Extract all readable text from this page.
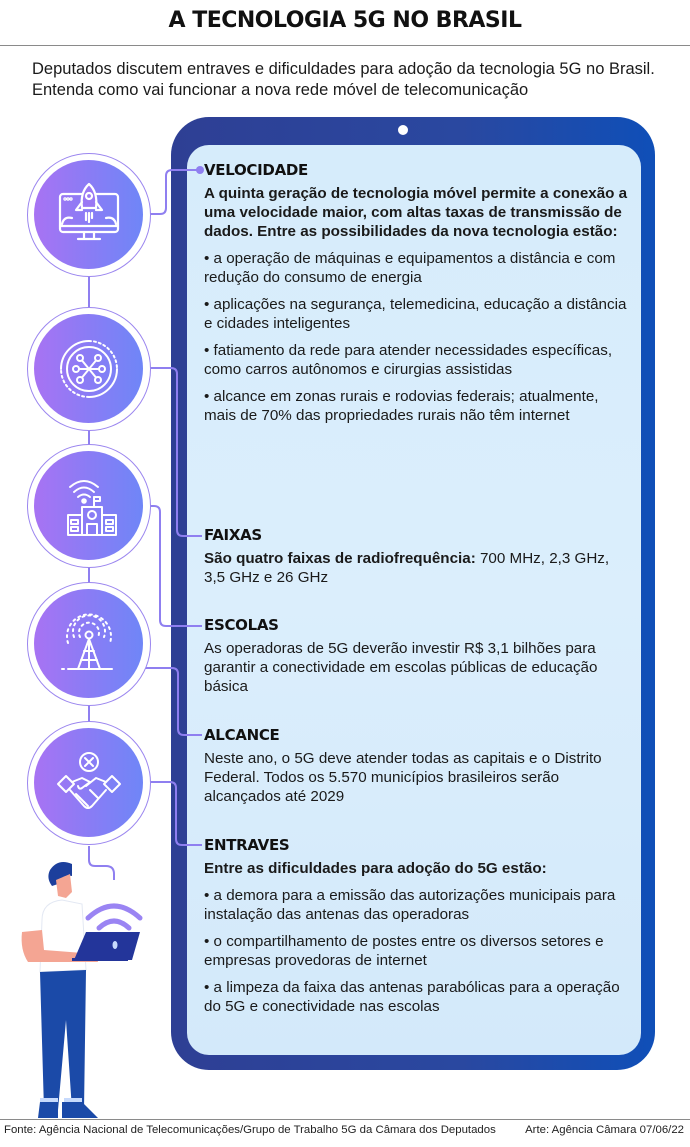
A TECNOLOGIA 5G NO BRASIL
Deputados discutem entraves e dificuldades para adoção da tecnologia 5G no Brasil. Entenda como vai funcionar a nova rede móvel de telecomunicação
VELOCIDADE
A quinta geração de tecnologia móvel permite a conexão a uma velocidade maior, com altas taxas de transmissão de dados. Entre as possibilidades da nova tecnologia estão:
• a operação de máquinas e equipamentos a distância e com redução do consumo de energia
• aplicações na segurança, telemedicina, educação a distância e cidades inteligentes
• fatiamento da rede para atender necessidades específicas, como carros autônomos e cirurgias assistidas
• alcance em zonas rurais e rodovias federais; atualmente, mais de 70% das propriedades rurais não têm internet
FAIXAS
São quatro faixas de radiofrequência: 700 MHz, 2,3 GHz, 3,5 GHz e 26 GHz
ESCOLAS
As operadoras de 5G deverão investir R$ 3,1 bilhões para garantir a conectividade em escolas públicas de educação básica
ALCANCE
Neste ano, o 5G deve atender todas as capitais e o Distrito Federal. Todos os 5.570 municípios brasileiros serão alcançados até 2029
ENTRAVES
Entre as dificuldades para adoção do 5G estão:
• a demora para a emissão das autorizações municipais para instalação das antenas das operadoras
• o compartilhamento de postes entre os diversos setores e empresas provedoras de internet
• a limpeza da faixa das antenas parabólicas para a operação do 5G e conectividade nas escolas
Fonte: Agência Nacional de Telecomunicações/Grupo de Trabalho 5G da Câmara dos Deputados	Arte: Agência Câmara 07/06/22
